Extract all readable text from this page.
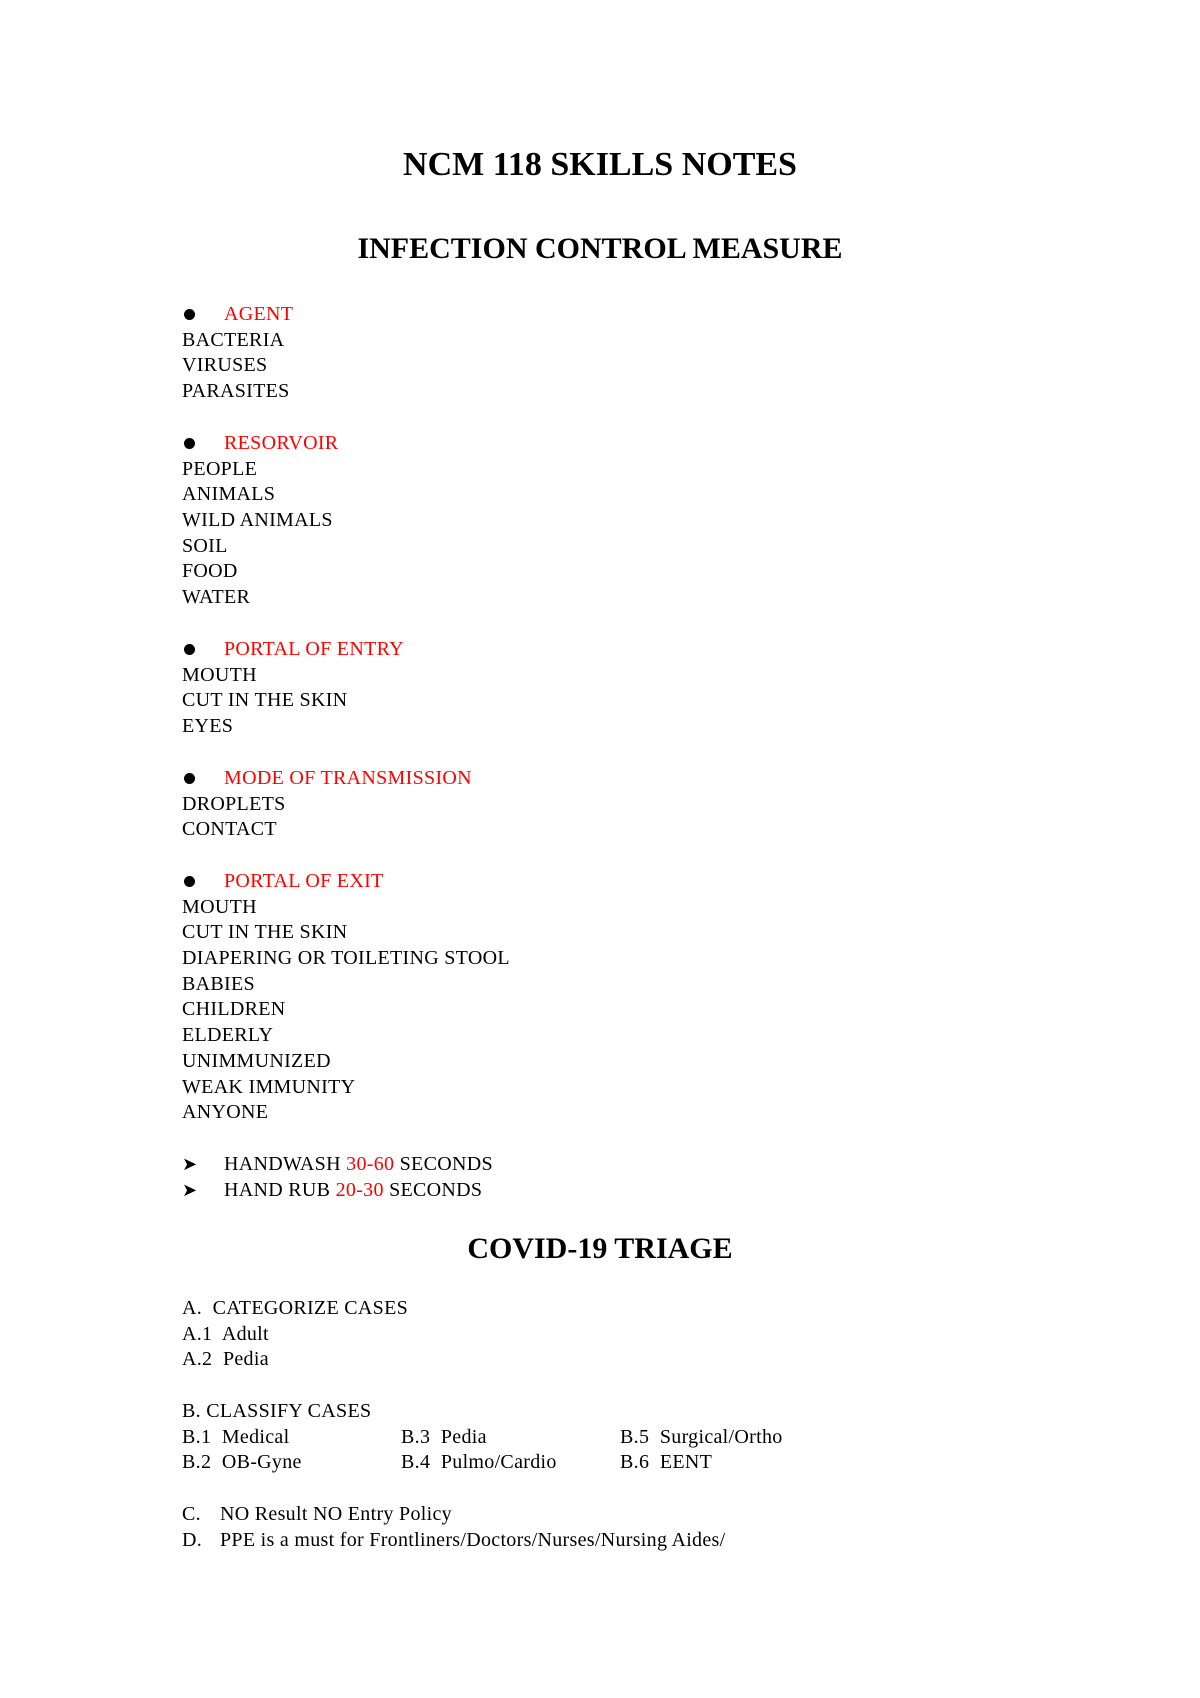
NCM 118 SKILLS NOTES
INFECTION CONTROL MEASURE
AGENT
BACTERIA
VIRUSES
PARASITES
RESORVOIR
PEOPLE
ANIMALS
WILD ANIMALS
SOIL
FOOD
WATER
PORTAL OF ENTRY
MOUTH
CUT IN THE SKIN
EYES
MODE OF TRANSMISSION
DROPLETS
CONTACT
PORTAL OF EXIT
MOUTH
CUT IN THE SKIN
DIAPERING OR TOILETING STOOL
BABIES
CHILDREN
ELDERLY
UNIMMUNIZED
WEAK IMMUNITY
ANYONE
➤	HANDWASH 30-60 SECONDS
➤	HAND RUB 20-30 SECONDS
COVID-19 TRIAGE
A.  CATEGORIZE CASES
A.1  Adult
A.2  Pedia
B. CLASSIFY CASES
B.1  Medical	B.3  Pedia	B.5  Surgical/Ortho
B.2  OB-Gyne	B.4  Pulmo/Cardio	B.6  EENT
C. NO Result NO Entry Policy
D. PPE is a must for Frontliners/Doctors/Nurses/Nursing Aides/
